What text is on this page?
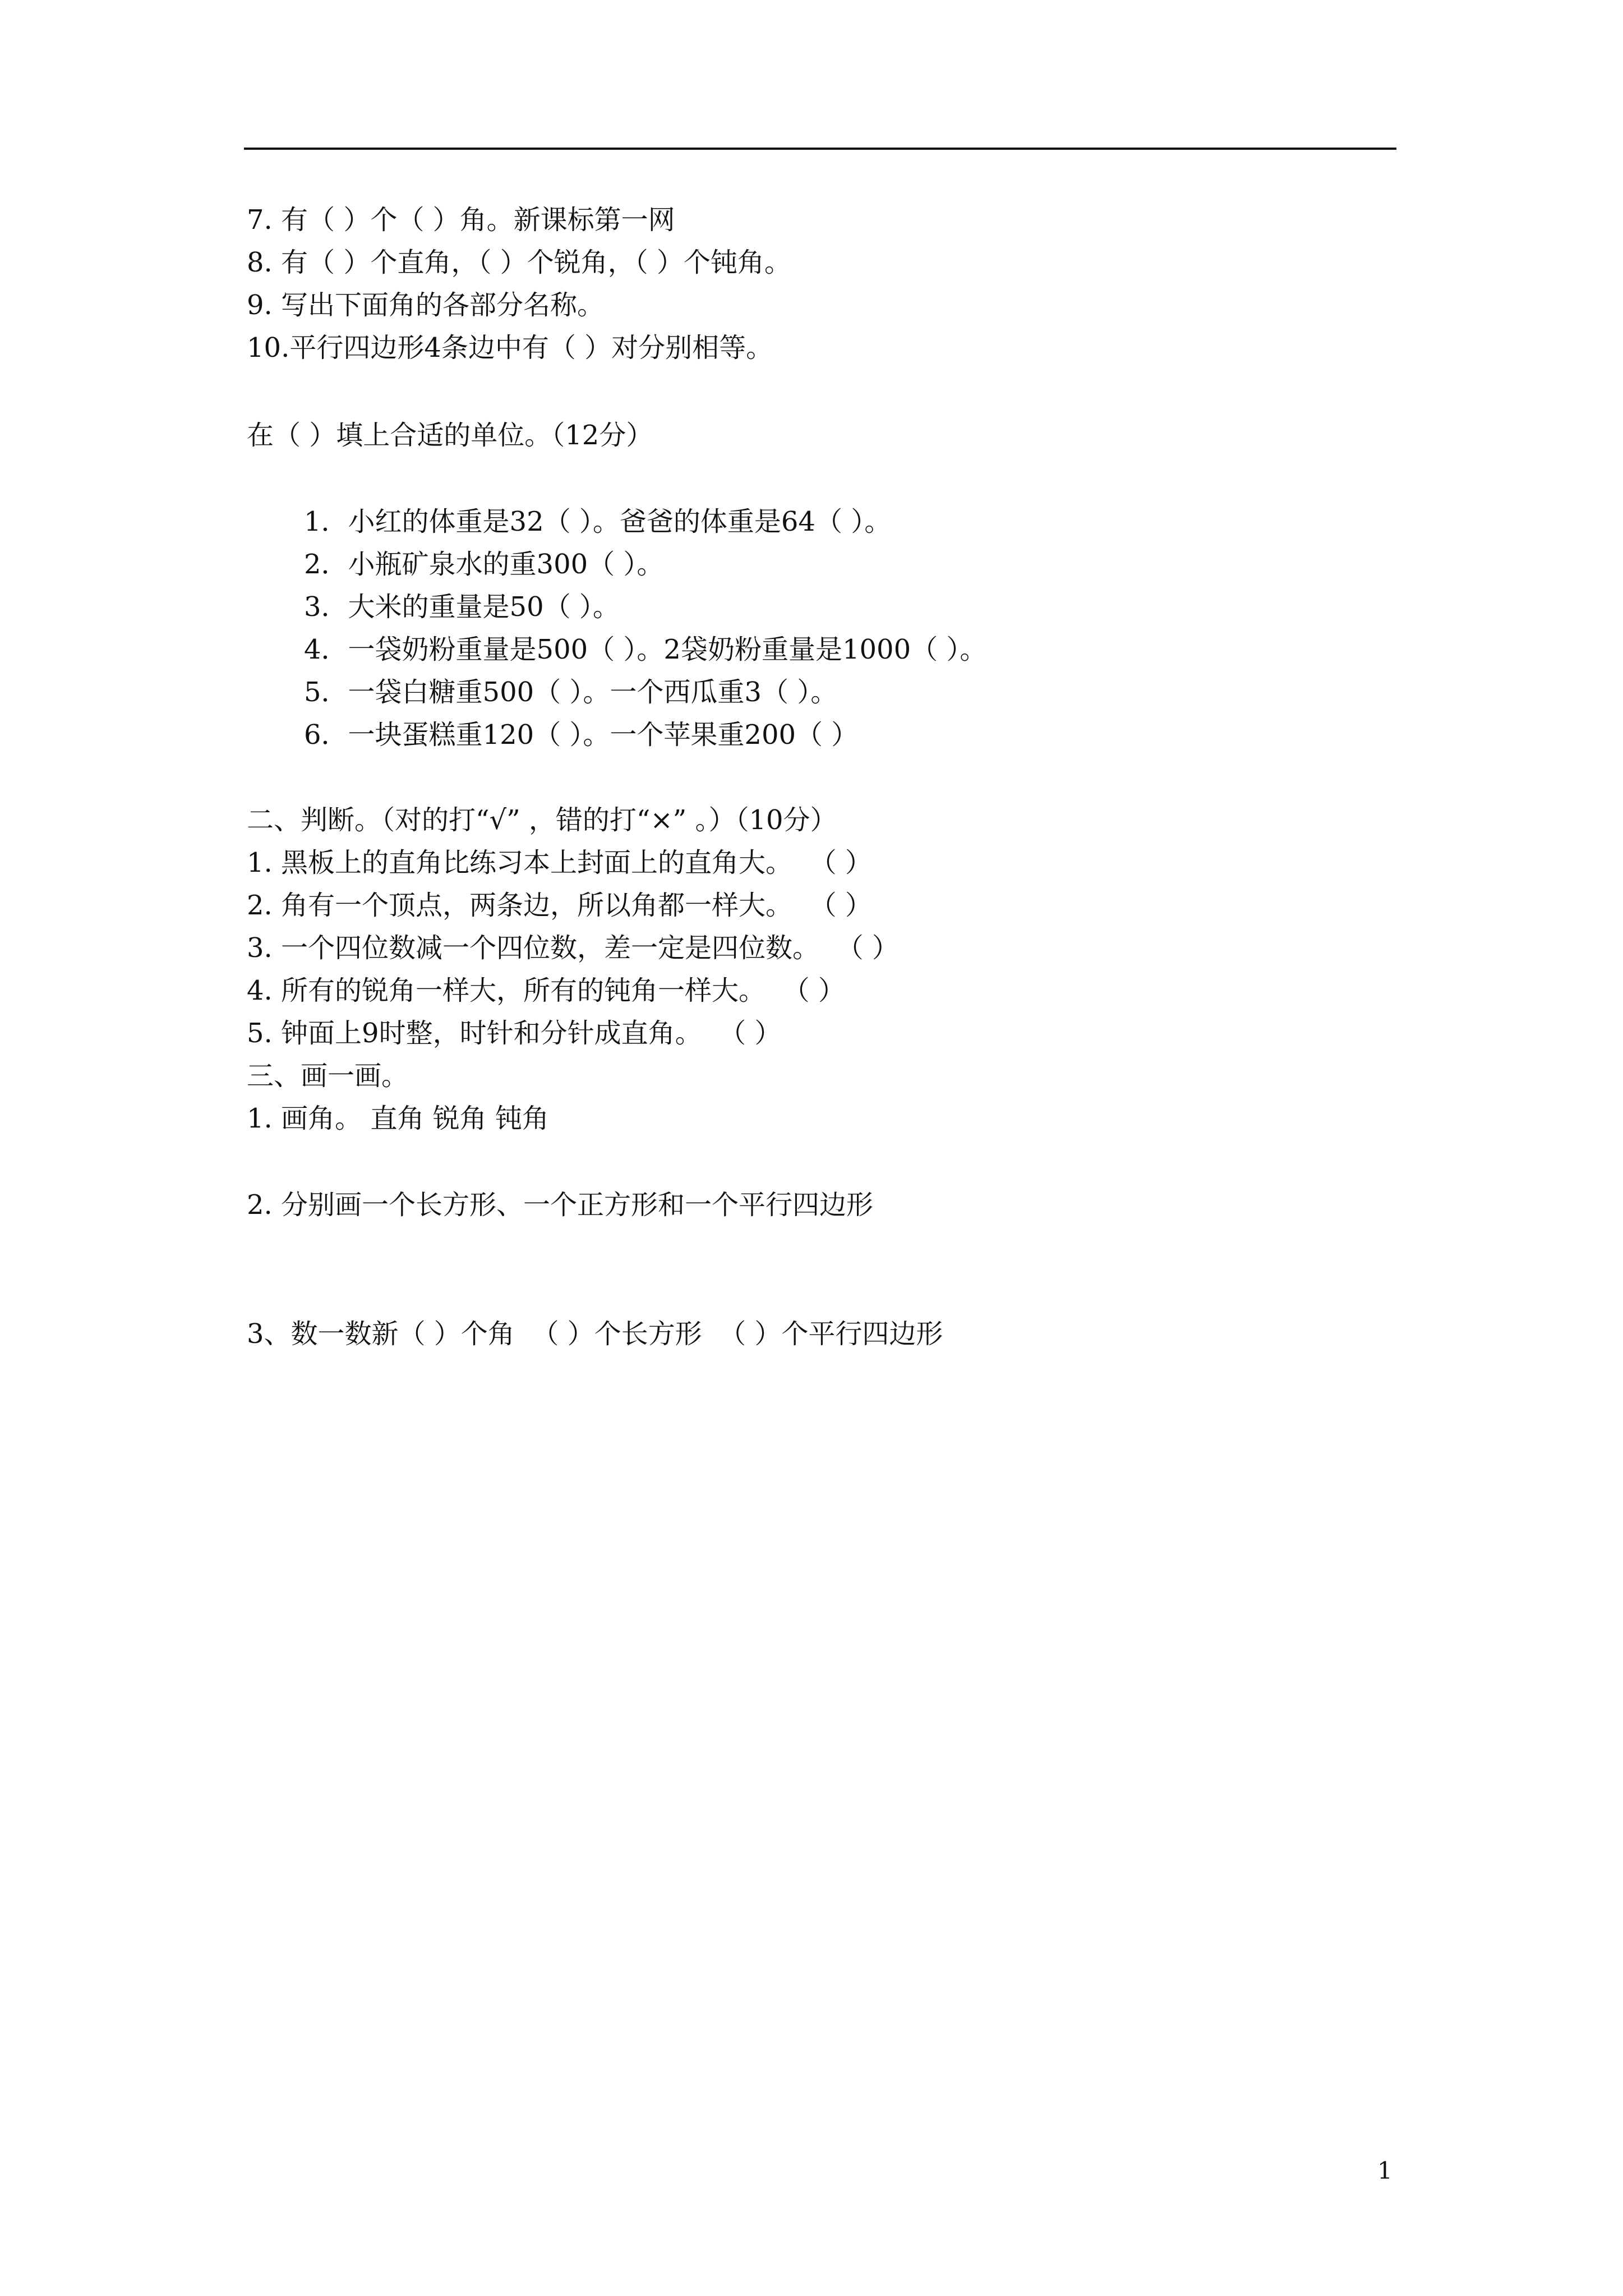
7. 有（ ）个（ ）角。新课标第一网
8. 有（ ）个直角，（ ）个锐角，（ ）个钝角。
9. 写出下面角的各部分名称。
10.平行四边形4条边中有（ ）对分别相等。
在（ ）填上合适的单位。（12分）
1．小红的体重是32（ ）。爸爸的体重是64（ ）。
2．小瓶矿泉水的重300（ ）。
3．大米的重量是50（ ）。
4．一袋奶粉重量是500（ ）。2袋奶粉重量是1000（ ）。
5．一袋白糖重500（ ）。一个西瓜重3（ ）。
6．一块蛋糕重120（ ）。一个苹果重200（ ）
二、判断。（对的打“√” ，错的打“×” 。）（10分）
1. 黑板上的直角比练习本上封面上的直角大。  （ ）
2. 角有一个顶点，两条边，所以角都一样大。  （ ）
3. 一个四位数减一个四位数，差一定是四位数。  （ ）
4. 所有的锐角一样大，所有的钝角一样大。  （ ）
5. 钟面上9时整，时针和分针成直角。  （ ）
三、画一画。
1. 画角。 直角 锐角 钝角
2. 分别画一个长方形、一个正方形和一个平行四边形
3、数一数新（ ）个角  （ ）个长方形  （ ）个平行四边形
1
